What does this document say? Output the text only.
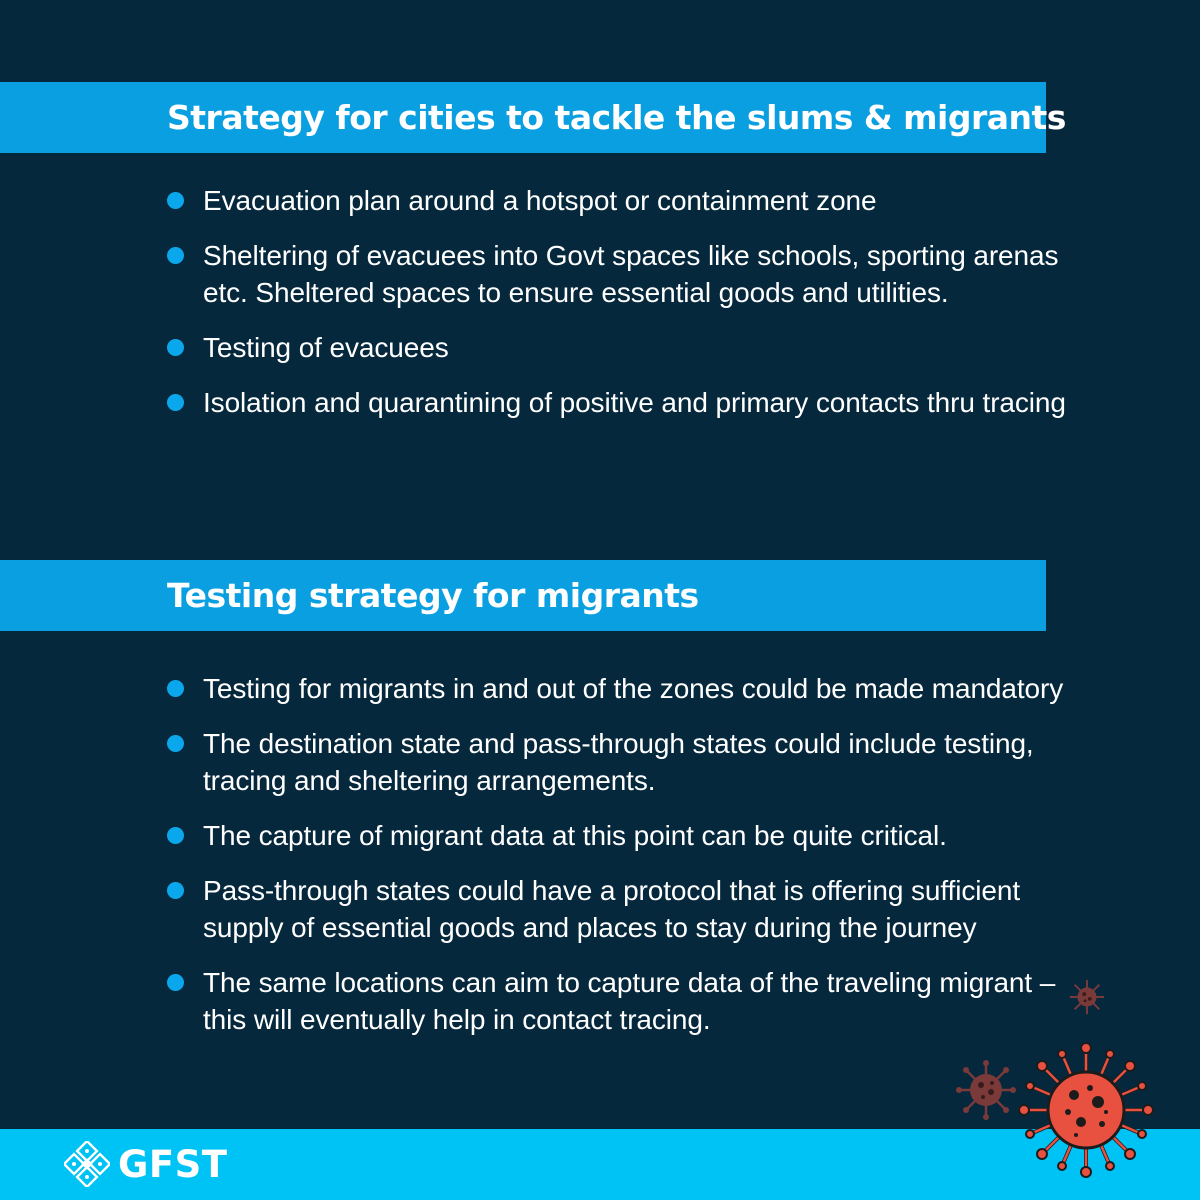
Strategy for cities to tackle the slums & migrants
Evacuation plan around a hotspot or containment zone
Sheltering of evacuees into Govt spaces like schools, sporting arenas etc. Sheltered spaces to ensure essential goods and utilities.
Testing of evacuees
Isolation and quarantining of positive and primary contacts thru tracing
Testing strategy for migrants
Testing for migrants in and out of the zones could be made mandatory
The destination state and pass-through states could include testing, tracing and sheltering arrangements.
The capture of migrant data at this point can be quite critical.
Pass-through states could have a protocol that is offering sufficient supply of essential goods and places to stay during the journey
The same locations can aim to capture data of the traveling migrant – this will eventually help in contact tracing.
GFST
